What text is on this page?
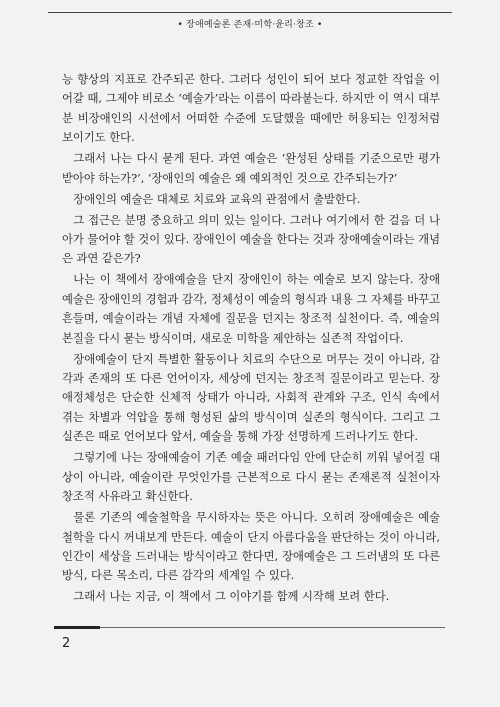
• 장애예술론 존재·미학·윤리·창조 •

능 향상의 지표로 간주되곤 한다. 그러다 성인이 되어 보다 정교한 작업을 이어갈 때, 그제야 비로소 ‘예술가’라는 이름이 따라붙는다. 하지만 이 역시 대부분 비장애인의 시선에서 어떠한 수준에 도달했을 때에만 허용되는 인정처럼 보이기도 한다.

그래서 나는 다시 묻게 된다. 과연 예술은 ‘완성된 상태를 기준으로만 평가받아야 하는가?’, ‘장애인의 예술은 왜 예외적인 것으로 간주되는가?’

장애인의 예술은 대체로 치료와 교육의 관점에서 출발한다.

그 접근은 분명 중요하고 의미 있는 일이다. 그러나 여기에서 한 걸음 더 나아가 물어야 할 것이 있다. 장애인이 예술을 한다는 것과 장애예술이라는 개념은 과연 같은가?

나는 이 책에서 장애예술을 단지 장애인이 하는 예술로 보지 않는다. 장애예술은 장애인의 경험과 감각, 정체성이 예술의 형식과 내용 그 자체를 바꾸고 흔들며, 예술이라는 개념 자체에 질문을 던지는 창조적 실천이다. 즉, 예술의 본질을 다시 묻는 방식이며, 새로운 미학을 제안하는 실존적 작업이다.

장애예술이 단지 특별한 활동이나 치료의 수단으로 머무는 것이 아니라, 감각과 존재의 또 다른 언어이자, 세상에 던지는 창조적 질문이라고 믿는다. 장애정체성은 단순한 신체적 상태가 아니라, 사회적 관계와 구조, 인식 속에서 겪는 차별과 억압을 통해 형성된 삶의 방식이며 실존의 형식이다. 그리고 그 실존은 때로 언어보다 앞서, 예술을 통해 가장 선명하게 드러나기도 한다.

그렇기에 나는 장애예술이 기존 예술 패러다임 안에 단순히 끼워 넣어질 대상이 아니라, 예술이란 무엇인가를 근본적으로 다시 묻는 존재론적 실천이자 창조적 사유라고 확신한다.

물론 기존의 예술철학을 무시하자는 뜻은 아니다. 오히려 장애예술은 예술철학을 다시 꺼내보게 만든다. 예술이 단지 아름다움을 판단하는 것이 아니라, 인간이 세상을 드러내는 방식이라고 한다면, 장애예술은 그 드러냄의 또 다른 방식, 다른 목소리, 다른 감각의 세계일 수 있다.

그래서 나는 지금, 이 책에서 그 이야기를 함께 시작해 보려 한다.

2
